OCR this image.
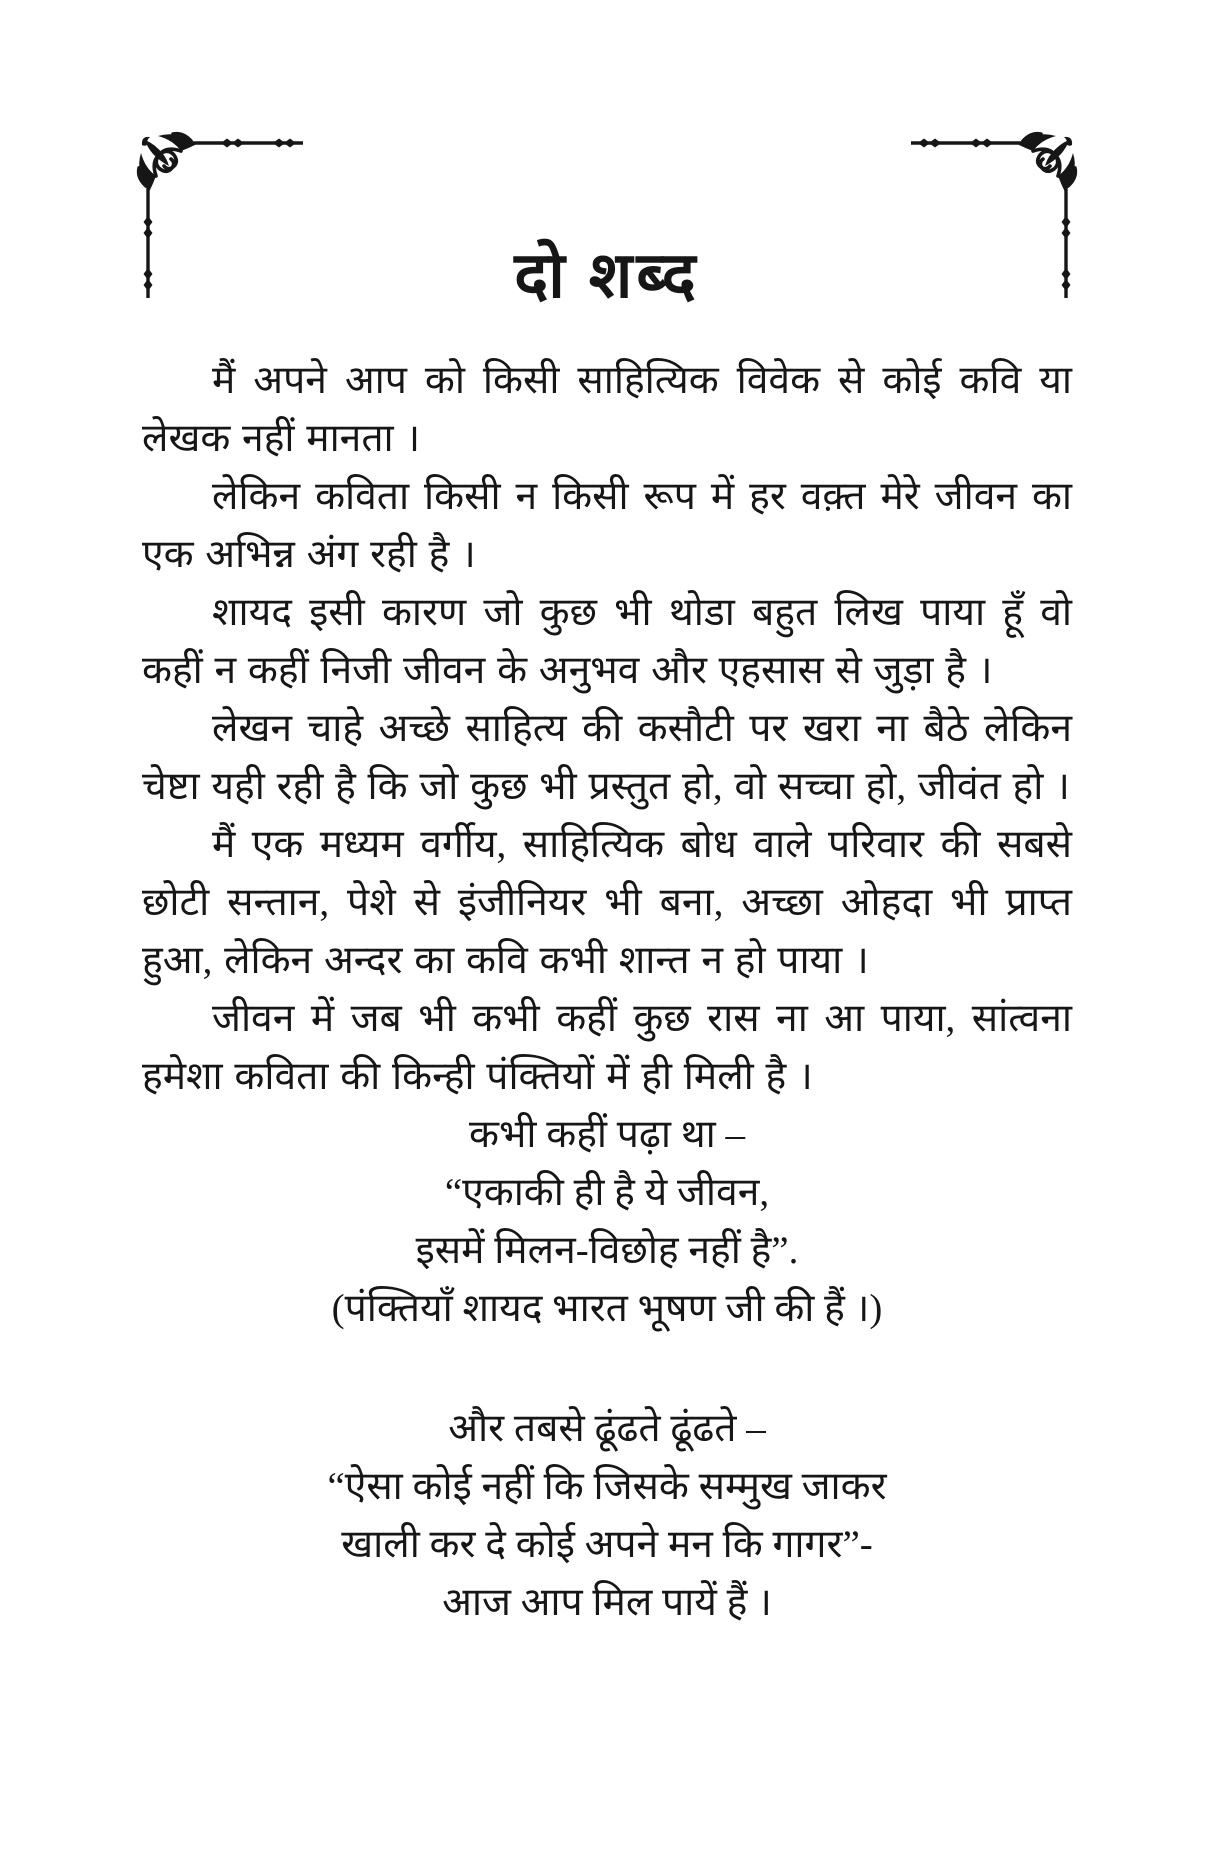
दो शब्द

मैं अपने आप को किसी साहित्यिक विवेक से कोई कवि या लेखक नहीं मानता ।

लेकिन कविता किसी न किसी रूप में हर वक़्त मेरे जीवन का एक अभिन्न अंग रही है ।

शायद इसी कारण जो कुछ भी थोडा बहुत लिख पाया हूँ वो कहीं न कहीं निजी जीवन के अनुभव और एहसास से जुड़ा है ।

लेखन चाहे अच्छे साहित्य की कसौटी पर खरा ना बैठे लेकिन चेष्टा यही रही है कि जो कुछ भी प्रस्तुत हो, वो सच्चा हो, जीवंत हो ।

मैं एक मध्यम वर्गीय, साहित्यिक बोध वाले परिवार की सबसे छोटी सन्तान, पेशे से इंजीनियर भी बना, अच्छा ओहदा भी प्राप्त हुआ, लेकिन अन्दर का कवि कभी शान्त न हो पाया ।

जीवन में जब भी कभी कहीं कुछ रास ना आ पाया, सांत्वना हमेशा कविता की किन्ही पंक्तियों में ही मिली है ।

कभी कहीं पढ़ा था –
“एकाकी ही है ये जीवन,
इसमें मिलन-विछोह नहीं है”.
(पंक्तियाँ शायद भारत भूषण जी की हैं ।)
और तबसे ढूंढते ढूंढते –
“ऐसा कोई नहीं कि जिसके सम्मुख जाकर
खाली कर दे कोई अपने मन कि गागर”-
आज आप मिल पायें हैं ।
